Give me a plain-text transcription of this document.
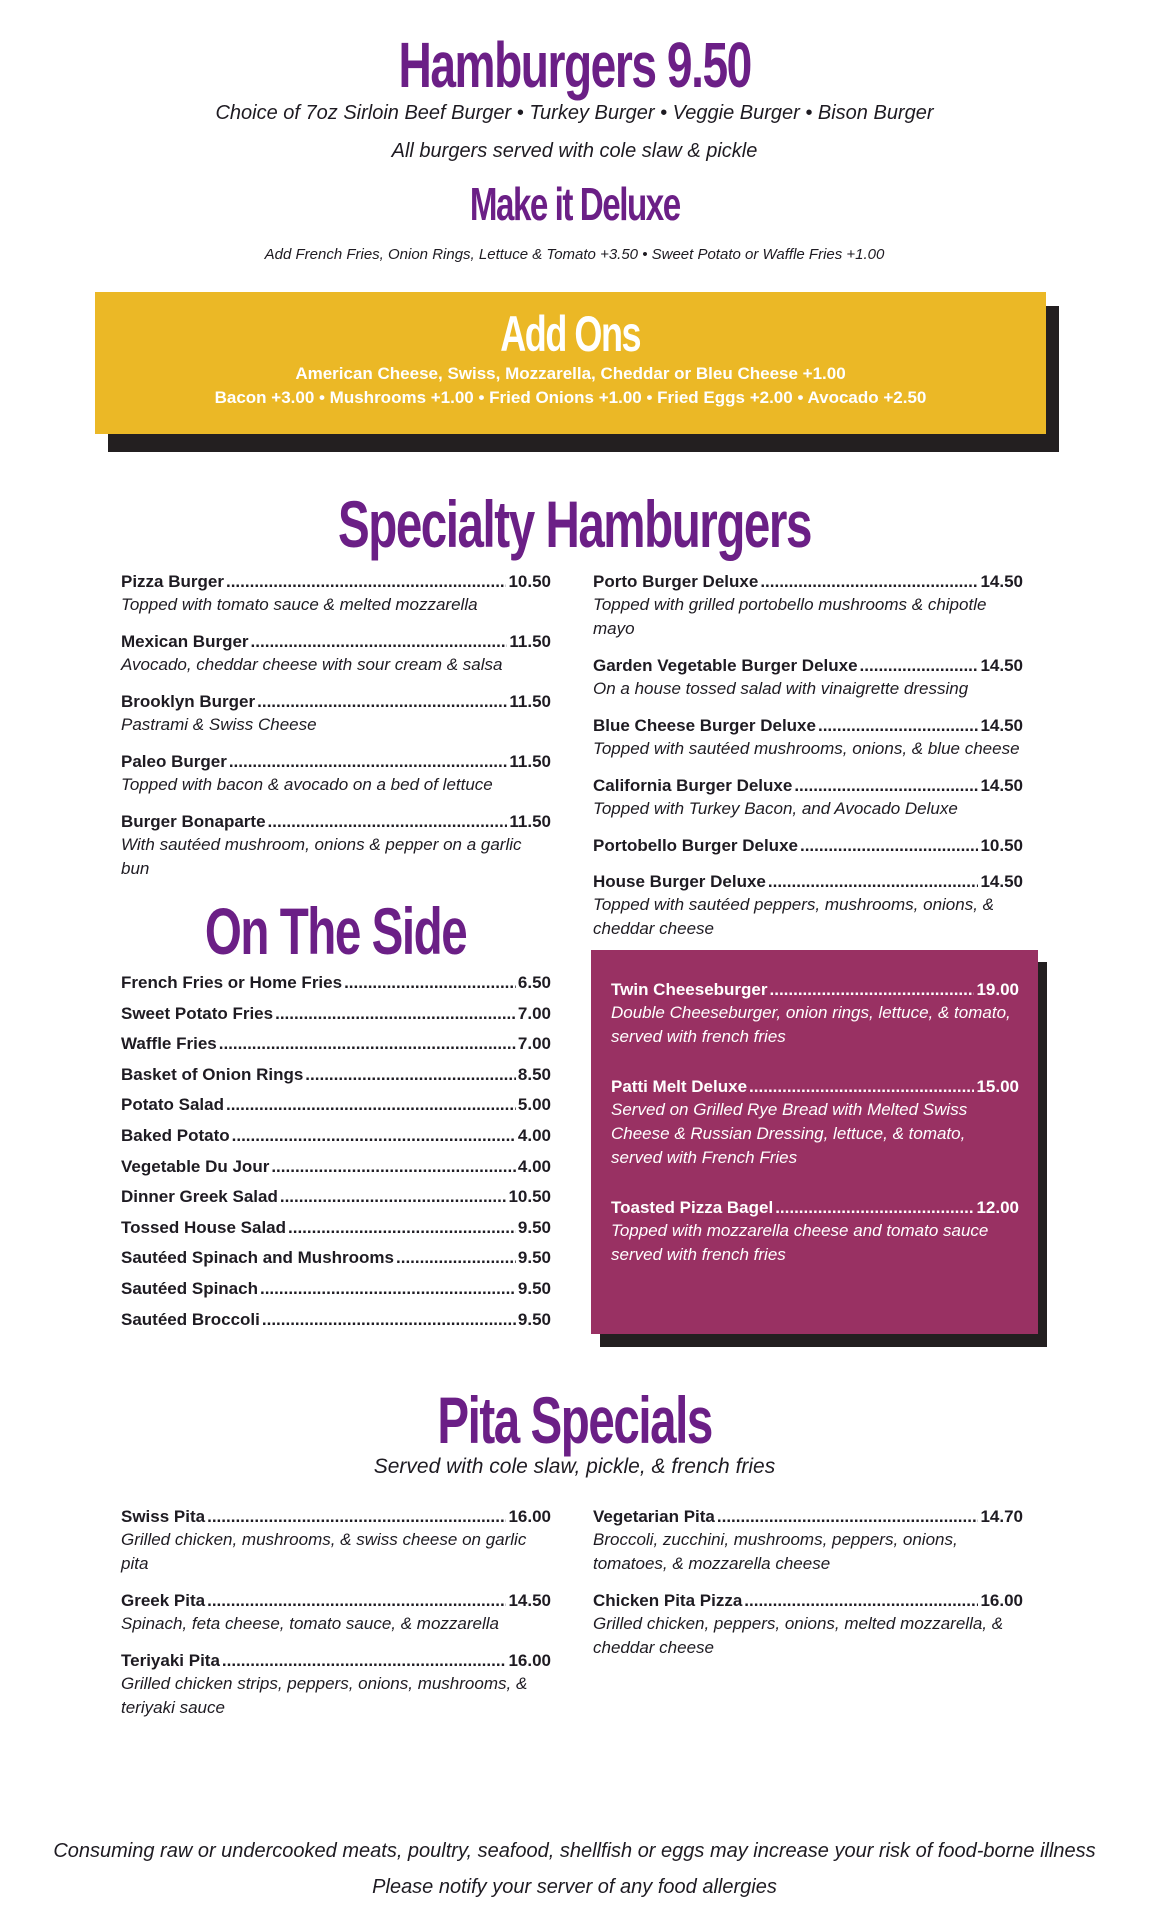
Hamburgers 9.50
Choice of 7oz Sirloin Beef Burger • Turkey Burger • Veggie Burger • Bison Burger
All burgers served with cole slaw & pickle
Make it Deluxe
Add French Fries, Onion Rings, Lettuce & Tomato +3.50 • Sweet Potato or Waffle Fries +1.00
Add Ons
American Cheese, Swiss, Mozzarella, Cheddar or Bleu Cheese +1.00
Bacon +3.00 • Mushrooms +1.00 • Fried Onions +1.00 • Fried Eggs +2.00 • Avocado +2.50
Specialty Hamburgers
Pizza Burger .....	10.50
Topped with tomato sauce & melted mozzarella
Mexican Burger .....	11.50
Avocado, cheddar cheese with sour cream & salsa
Brooklyn Burger .....	11.50
Pastrami & Swiss Cheese
Paleo Burger .....	11.50
Topped with bacon & avocado on a bed of lettuce
Burger Bonaparte .....	11.50
With sautéed mushroom, onions & pepper on a garlic bun
Porto Burger Deluxe .....	14.50
Topped with grilled portobello mushrooms & chipotle mayo
Garden Vegetable Burger Deluxe .....	14.50
On a house tossed salad with vinaigrette dressing
Blue Cheese Burger Deluxe .....	14.50
Topped with sautéed mushrooms, onions, & blue cheese
California Burger Deluxe .....	14.50
Topped with Turkey Bacon, and Avocado Deluxe
Portobello Burger Deluxe .....	10.50
House Burger Deluxe .....	14.50
Topped with sautéed peppers, mushrooms, onions, & cheddar cheese
On The Side
French Fries or Home Fries .....	6.50
Sweet Potato Fries .....	7.00
Waffle Fries .....	7.00
Basket of Onion Rings .....	8.50
Potato Salad .....	5.00
Baked Potato .....	4.00
Vegetable Du Jour .....	4.00
Dinner Greek Salad .....	10.50
Tossed House Salad .....	9.50
Sautéed Spinach and Mushrooms .....	9.50
Sautéed Spinach .....	9.50
Sautéed Broccoli .....	9.50
Twin Cheeseburger .....	19.00
Double Cheeseburger, onion rings, lettuce, & tomato, served with french fries
Patti Melt Deluxe .....	15.00
Served on Grilled Rye Bread with Melted Swiss Cheese & Russian Dressing, lettuce, & tomato, served with French Fries
Toasted Pizza Bagel .....	12.00
Topped with mozzarella cheese and tomato sauce served with french fries
Pita Specials
Served with cole slaw, pickle, & french fries
Swiss Pita .....	16.00
Grilled chicken, mushrooms, & swiss cheese on garlic pita
Greek Pita .....	14.50
Spinach, feta cheese, tomato sauce, & mozzarella
Teriyaki Pita .....	16.00
Grilled chicken strips, peppers, onions, mushrooms, & teriyaki sauce
Vegetarian Pita .....	14.70
Broccoli, zucchini, mushrooms, peppers, onions, tomatoes, & mozzarella cheese
Chicken Pita Pizza .....	16.00
Grilled chicken, peppers, onions, melted mozzarella, & cheddar cheese
Consuming raw or undercooked meats, poultry, seafood, shellfish or eggs may increase your risk of food-borne illness
Please notify your server of any food allergies
